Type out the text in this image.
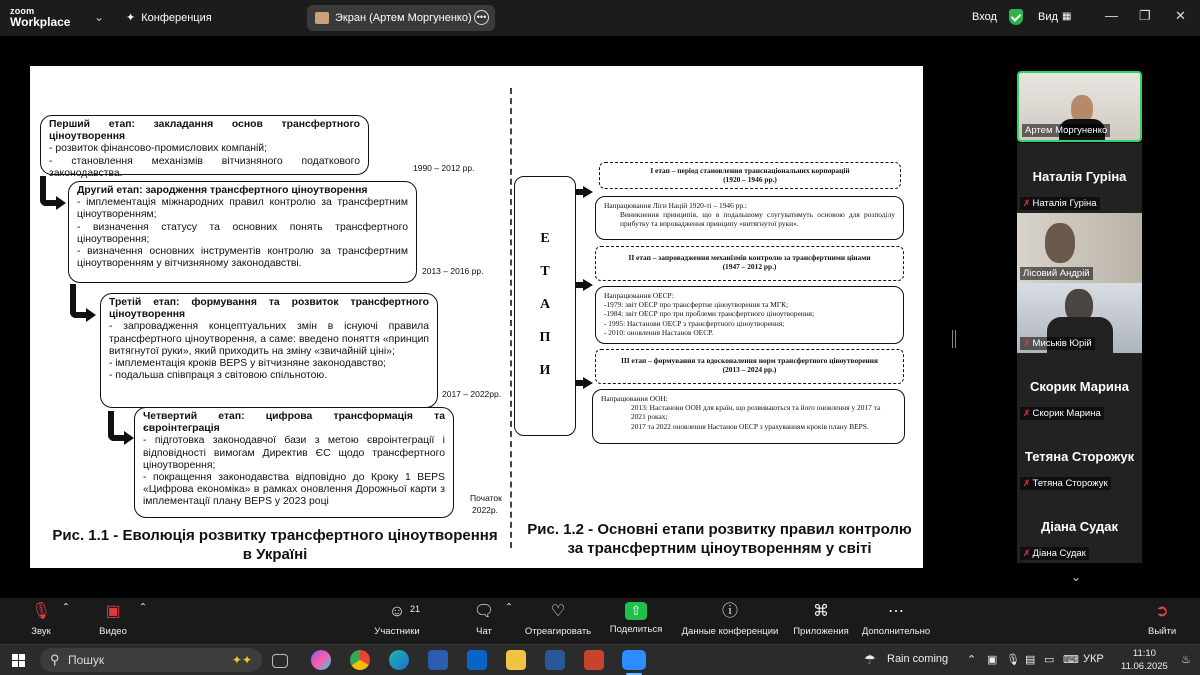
zoom
Workplace ⌄ ✦ Конференция	Экран (Артем Моргуненко) •••	Вход	Вид ▦	— ❐ ✕
Перший етап: закладання основ трансфертного ціноутворення
- розвиток фінансово-промислових компаній;
- становлення механізмів вітчизняного податкового законодавства.	1990 – 2012 рр.
Другий етап: зародження трансфертного ціноутворення
- імплементація міжнародних правил контролю за трансфертним ціноутворенням;
- визначення статусу та основних понять трансфертного ціноутворення;
- визначення основних інструментів контролю за трансфертним ціноутворенням у вітчизняному законодавстві.
2013 – 2016 рр.
Третій етап: формування та розвиток трансфертного ціноутворення
- запровадження концептуальних змін в існуючі правила трансфертного ціноутворення, а саме: введено поняття «принцип витягнутої руки», який приходить на зміну «звичайній ціні»;
- імплементація кроків BEPS у вітчизняне законодавство;
- подальша співпраця з світовою спільнотою.
2017 – 2022рр.
Четвертий етап: цифрова трансформація та євроінтеграція
- підготовка законодавчої бази з метою євроінтеграції і відповідності вимогам Директив ЄС щодо трансфертного ціноутворення;
- покращення законодавства відповідно до Кроку 1 BEPS «Цифрова економіка» в рамках оновлення Дорожньої карти з імплементації плану BEPS у 2023 році	Початок
2022р.
Рис. 1.1 - Еволюція розвитку трансфертного ціноутворення в Україні
Е
Т
А
П
И
I етап – період становлення транснаціональних корпорацій
(1920 – 1946 рр.)
Напрацювання Ліги Націй 1920-ті – 1946 рр.:

Виникнення принципів, що в подальшому слугуватимуть основою для розподілу прибутку та впровадження принципу «витягнутої руки».
II етап – запровадження механізмів контролю за трансфертними цінами
(1947 – 2012 рр.)
Напрацювання ОЕСР:
-1979: звіт ОЕСР про трансфертне ціноутворення та МГК;
-1984: звіт ОЕСР про три проблеми трансфертного ціноутворення;
- 1995: Настанови ОЕСР з трансфертного ціноутворення;
- 2010: оновлення Настанов ОЕСР.
III етап – формування та вдосконалення норм трансфертного ціноутворення
(2013 – 2024 рр.)
Напрацювання ООН:

2013: Настанови ООН для країн, що розвиваються та його оновлення у 2017 та 2021 роках;
2017 та 2022 оновлення Настанов ОЕСР з урахуванням кроків плану BEPS.
Рис. 1.2 - Основні етапи розвитку правил контролю за трансфертним ціноутворенням у світі
Артем Моргуненко
Наталія Гуріна
✗ Наталія Гуріна
Лісовий Андрій
✗ Миськів Юрій
Скорик Марина
✗ Скорик Марина
Тетяна Сторожук
✗ Тетяна Сторожук
Діана Судак
✗ Діана Судак
⌄
🎙
Звук
⌃ ▣
Видео
⌃	☺
Участники
21	🗨
Чат
⌃ ♡
Отреагировать
⇧
Поделиться
ⓘ
Данные конференции
⌘
Приложения
⋯
Дополнительно
➲
Выйти
⚲ Пошук	✦✦	☂ Rain coming ⌃ ▣ 🎙 ▤ ▭ ⌨ УКР	11:10
11.06.2025
♨
